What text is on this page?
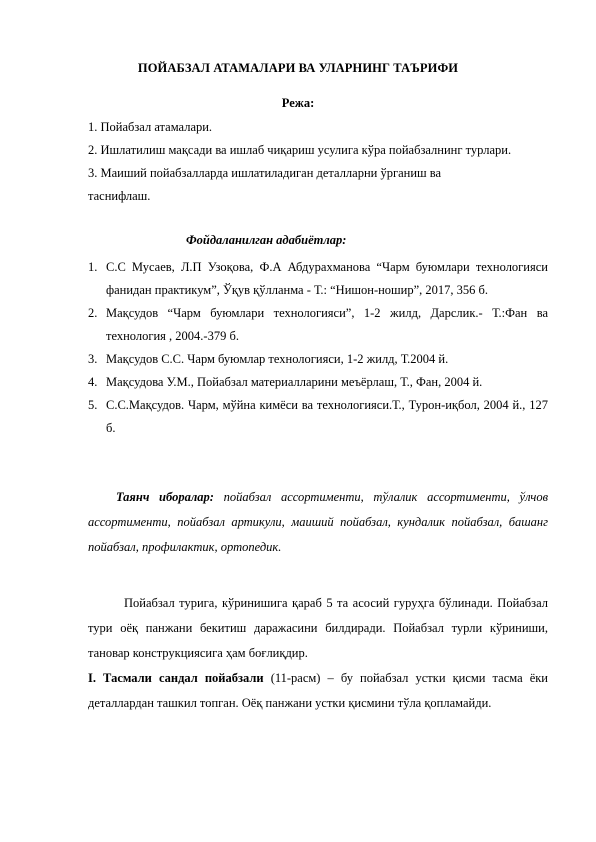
ПОЙАБЗАЛ АТАМАЛАРИ ВА УЛАРНИНГ ТАЪРИФИ
Режа:

1. Пойабзал атамалари.

2. Ишлатилиш мақсади ва ишлаб чиқариш усулига кўра пойабзалнинг турлари.

3. Маиший пойабзалларда ишлатиладиган деталларни ўрганиш ва таснифлаш.

Фойдаланилган адабиётлар:
1. С.С Мусаев, Л.П Узоқова, Ф.А Абдурахманова “Чарм буюмлари технологияси фанидан практикум”, Ўқув қўлланма - Т.: “Нишон-ношир”, 2017, 356 б.
2. Мақсудов “Чарм буюмлари технологияси”, 1-2 жилд, Дарслик.- Т.:Фан ва технология , 2004.-379 б.
3. Мақсудов С.С. Чарм буюмлар технологияси, 1-2 жилд, Т.2004 й.
4. Мақсудова У.М., Пойабзал материалларини меъёрлаш, Т., Фан, 2004 й.
5. С.С.Мақсудов. Чарм, мўйна кимёси ва технологияси.Т., Турон-иқбол, 2004 й., 127 б.
Таянч иборалар: пойабзал ассортименти, тўлалик ассортименти, ўлчов ассортименти, пойабзал артикули, маиший пойабзал, кундалик пойабзал, башанг пойабзал, профилактик, ортопедик.

Пойабзал турига, кўринишига қараб 5 та асосий гуруҳга бўлинади. Пойабзал тури оёқ панжани бекитиш даражасини билдиради. Пойабзал турли кўриниши, тановар конструкциясига ҳам боғлиқдир.

I. Тасмали сандал пойабзали (11-расм) – бу пойабзал устки қисми тасма ёки деталлардан ташкил топган. Оёқ панжани устки қисмини тўла қопламайди.
